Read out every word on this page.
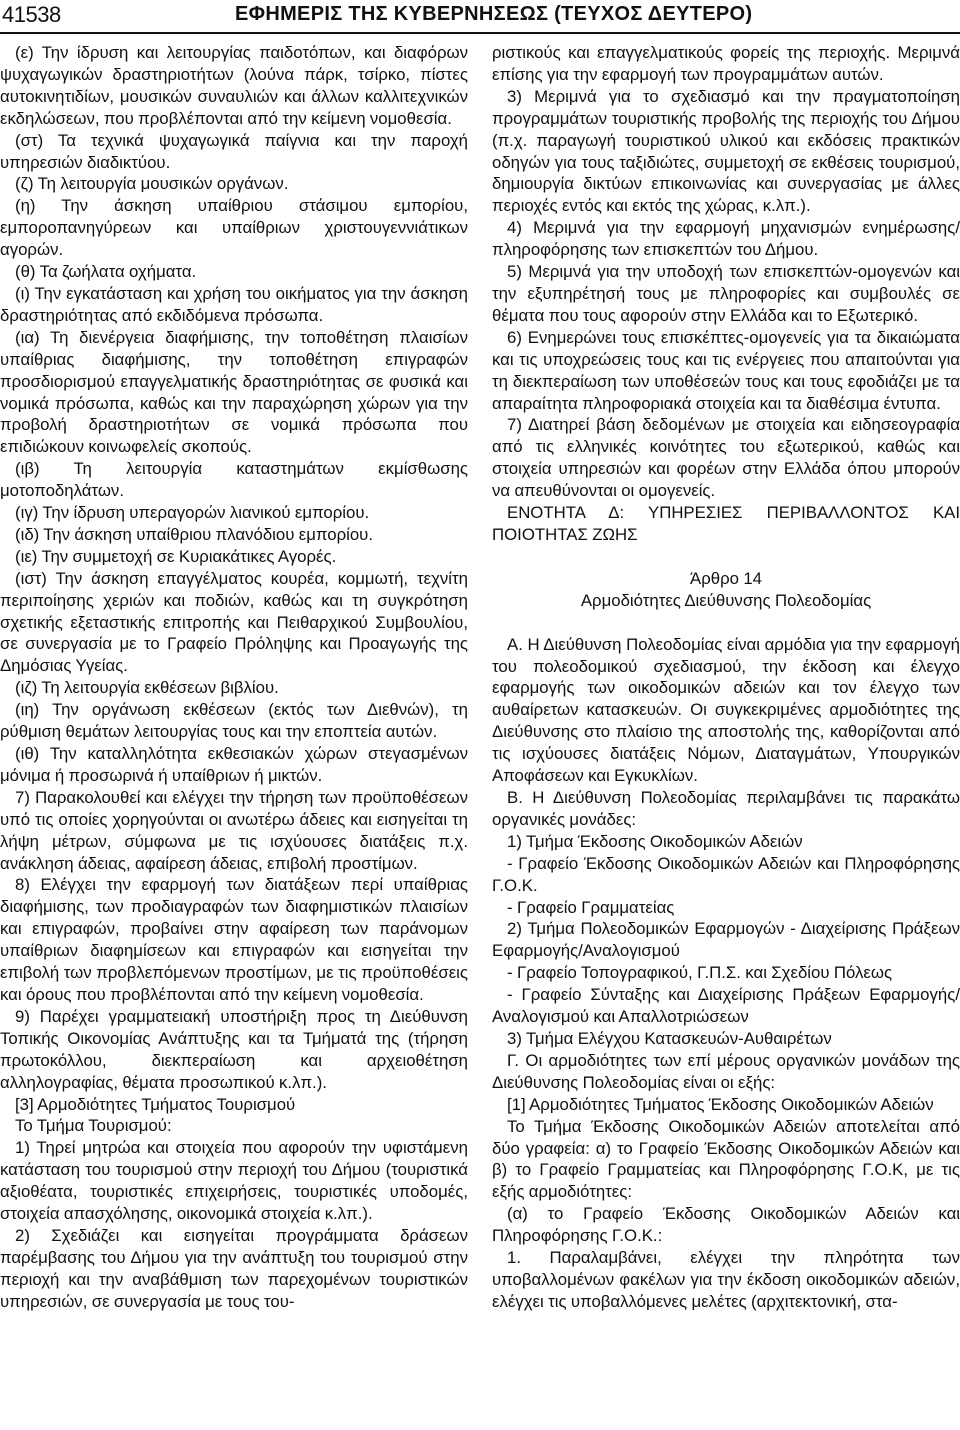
41538	ΕΦΗΜΕΡΙΣ ΤΗΣ ΚΥΒΕΡΝΗΣΕΩΣ (ΤΕΥΧΟΣ ΔΕΥΤΕΡΟ)

(ε) Την ίδρυση και λειτουργίας παιδοτόπων, και διαφόρων ψυχαγωγικών δραστηριοτήτων (λούνα πάρκ, τσίρκο, πίστες αυτοκινητιδίων, μουσικών συναυλιών και άλλων καλλιτεχνικών εκδηλώσεων, που προβλέπονται από την κείμενη νομοθεσία.

(στ) Τα τεχνικά ψυχαγωγικά παίγνια και την παροχή υπηρεσιών διαδικτύου.

(ζ) Τη λειτουργία μουσικών οργάνων.

(η) Την άσκηση υπαίθριου στάσιμου εμπορίου, εμποροπανηγύρεων και υπαίθριων χριστουγεννιάτικων αγορών.

(θ) Τα ζωήλατα οχήματα.

(ι) Την εγκατάσταση και χρήση του οικήματος για την άσκηση δραστηριότητας από εκδιδόμενα πρόσωπα.

(ια) Τη διενέργεια διαφήμισης, την τοποθέτηση πλαισίων υπαίθριας διαφήμισης, την τοποθέτηση επιγραφών προσδιορισμού επαγγελματικής δραστηριότητας σε φυσικά και νομικά πρόσωπα, καθώς και την παραχώρηση χώρων για την προβολή δραστηριοτήτων σε νομικά πρόσωπα που επιδιώκουν κοινωφελείς σκοπούς.

(ιβ) Τη λειτουργία καταστημάτων εκμίσθωσης μοτοποδηλάτων.

(ιγ) Την ίδρυση υπεραγορών λιανικού εμπορίου.

(ιδ) Την άσκηση υπαίθριου πλανόδιου εμπορίου.

(ιε) Την συμμετοχή σε Κυριακάτικες Αγορές.

(ιστ) Την άσκηση επαγγέλματος κουρέα, κομμωτή, τεχνίτη περιποίησης χεριών και ποδιών, καθώς και τη συγκρότηση σχετικής εξεταστικής επιτροπής και Πειθαρχικού Συμβουλίου, σε συνεργασία με το Γραφείο Πρόληψης και Προαγωγής της Δημόσιας Υγείας.

(ιζ) Τη λειτουργία εκθέσεων βιβλίου.

(ιη) Την οργάνωση εκθέσεων (εκτός των Διεθνών), τη ρύθμιση θεμάτων λειτουργίας τους και την εποπτεία αυτών.

(ιθ) Την καταλληλότητα εκθεσιακών χώρων στεγασμένων μόνιμα ή προσωρινά ή υπαίθριων ή μικτών.

7) Παρακολουθεί και ελέγχει την τήρηση των προϋποθέσεων υπό τις οποίες χορηγούνται οι ανωτέρω άδειες και εισηγείται τη λήψη μέτρων, σύμφωνα με τις ισχύουσες διατάξεις π.χ. ανάκληση άδειας, αφαίρεση άδειας, επιβολή προστίμων.

8) Ελέγχει την εφαρμογή των διατάξεων περί υπαίθριας διαφήμισης, των προδιαγραφών των διαφημιστικών πλαισίων και επιγραφών, προβαίνει στην αφαίρεση των παράνομων υπαίθριων διαφημίσεων και επιγραφών και εισηγείται την επιβολή των προβλεπόμενων προστίμων, με τις προϋποθέσεις και όρους που προβλέπονται από την κείμενη νομοθεσία.

9) Παρέχει γραμματειακή υποστήριξη προς τη Διεύθυνση Τοπικής Οικονομίας Ανάπτυξης και τα Τμήματά της (τήρηση πρωτοκόλλου, διεκπεραίωση και αρχειοθέτηση αλληλογραφίας, θέματα προσωπικού κ.λπ.).

[3] Αρμοδιότητες Τμήματος Τουρισμού

Το Τμήμα Τουρισμού:

1) Τηρεί μητρώα και στοιχεία που αφορούν την υφιστάμενη κατάσταση του τουρισμού στην περιοχή του Δήμου (τουριστικά αξιοθέατα, τουριστικές επιχειρήσεις, τουριστικές υποδομές, στοιχεία απασχόλησης, οικονομικά στοιχεία κ.λπ.).

2) Σχεδιάζει και εισηγείται προγράμματα δράσεων παρέμβασης του Δήμου για την ανάπτυξη του τουρισμού στην περιοχή και την αναβάθμιση των παρεχομένων τουριστικών υπηρεσιών, σε συνεργασία με τους του-

ριστικούς και επαγγελματικούς φορείς της περιοχής. Μεριμνά επίσης για την εφαρμογή των προγραμμάτων αυτών.

3) Μεριμνά για το σχεδιασμό και την πραγματοποίηση προγραμμάτων τουριστικής προβολής της περιοχής του Δήμου (π.χ. παραγωγή τουριστικού υλικού και εκδόσεις πρακτικών οδηγών για τους ταξιδιώτες, συμμετοχή σε εκθέσεις τουρισμού, δημιουργία δικτύων επικοινωνίας και συνεργασίας με άλλες περιοχές εντός και εκτός της χώρας, κ.λπ.).

4) Μεριμνά για την εφαρμογή μηχανισμών ενημέρωσης/πληροφόρησης των επισκεπτών του Δήμου.

5) Μεριμνά για την υποδοχή των επισκεπτών-ομογενών και την εξυπηρέτησή τους με πληροφορίες και συμβουλές σε θέματα που τους αφορούν στην Ελλάδα και το Εξωτερικό.

6) Ενημερώνει τους επισκέπτες-ομογενείς για τα δικαιώματα και τις υποχρεώσεις τους και τις ενέργειες που απαιτούνται για τη διεκπεραίωση των υποθέσεών τους και τους εφοδιάζει με τα απαραίτητα πληροφοριακά στοιχεία και τα διαθέσιμα έντυπα.

7) Διατηρεί βάση δεδομένων με στοιχεία και ειδησεογραφία από τις ελληνικές κοινότητες του εξωτερικού, καθώς και στοιχεία υπηρεσιών και φορέων στην Ελλάδα όπου μπορούν να απευθύνονται οι ομογενείς.

ΕΝΟΤΗΤΑ Δ: ΥΠΗΡΕΣΙΕΣ ΠΕΡΙΒΑΛΛΟΝΤΟΣ ΚΑΙ ΠΟΙΟΤΗΤΑΣ ΖΩΗΣ

Άρθρο 14

Αρμοδιότητες Διεύθυνσης Πολεοδομίας

Α. Η Διεύθυνση Πολεοδομίας είναι αρμόδια για την εφαρμογή του πολεοδομικού σχεδιασμού, την έκδοση και έλεγχο εφαρμογής των οικοδομικών αδειών και τον έλεγχο των αυθαίρετων κατασκευών. Οι συγκεκριμένες αρμοδιότητες της Διεύθυνσης στο πλαίσιο της αποστολής της, καθορίζονται από τις ισχύουσες διατάξεις Νόμων, Διαταγμάτων, Υπουργικών Αποφάσεων και Εγκυκλίων.

Β. Η Διεύθυνση Πολεοδομίας περιλαμβάνει τις παρακάτω οργανικές μονάδες:

1) Τμήμα Έκδοσης Οικοδομικών Αδειών

- Γραφείο Έκδοσης Οικοδομικών Αδειών και Πληροφόρησης Γ.Ο.Κ.

- Γραφείο Γραμματείας

2) Τμήμα Πολεοδομικών Εφαρμογών - Διαχείρισης Πράξεων Εφαρμογής/Αναλογισμού

- Γραφείο Τοπογραφικού, Γ.Π.Σ. και Σχεδίου Πόλεως

- Γραφείο Σύνταξης και Διαχείρισης Πράξεων Εφαρμογής/Αναλογισμού και Απαλλοτριώσεων

3) Τμήμα Ελέγχου Κατασκευών-Αυθαιρέτων

Γ. Οι αρμοδιότητες των επί μέρους οργανικών μονάδων της Διεύθυνσης Πολεοδομίας είναι οι εξής:

[1] Αρμοδιότητες Τμήματος Έκδοσης Οικοδομικών Αδειών

Το Τμήμα Έκδοσης Οικοδομικών Αδειών αποτελείται από δύο γραφεία: α) το Γραφείο Έκδοσης Οικοδομικών Αδειών και β) το Γραφείο Γραμματείας και Πληροφόρησης Γ.Ο.Κ, με τις εξής αρμοδιότητες:

(α) το Γραφείο Έκδοσης Οικοδομικών Αδειών και Πληροφόρησης Γ.Ο.Κ.:

1. Παραλαμβάνει, ελέγχει την πληρότητα των υποβαλλομένων φακέλων για την έκδοση οικοδομικών αδειών, ελέγχει τις υποβαλλόμενες μελέτες (αρχιτεκτονική, στα-
